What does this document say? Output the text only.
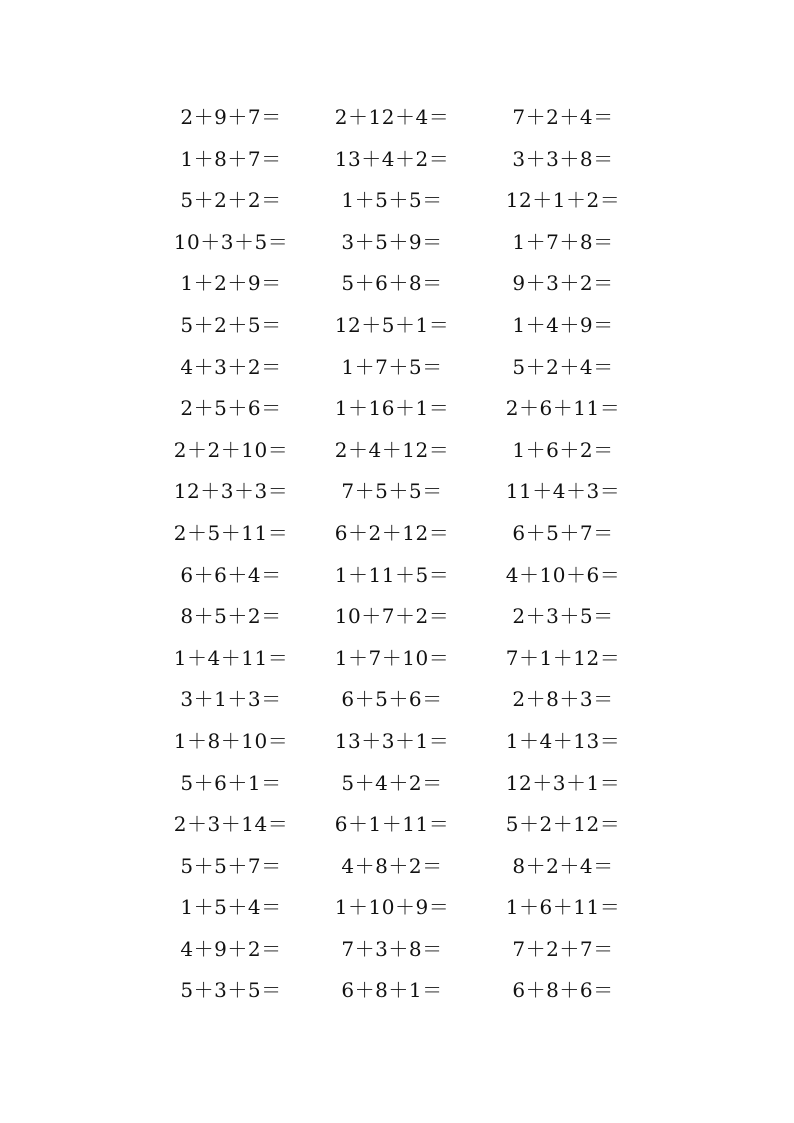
2＋9＋7＝	2＋12＋4＝	7＋2＋4＝
1＋8＋7＝	13＋4＋2＝	3＋3＋8＝
5＋2＋2＝	1＋5＋5＝	12＋1＋2＝
10＋3＋5＝	3＋5＋9＝	1＋7＋8＝
1＋2＋9＝	5＋6＋8＝	9＋3＋2＝
5＋2＋5＝	12＋5＋1＝	1＋4＋9＝
4＋3＋2＝	1＋7＋5＝	5＋2＋4＝
2＋5＋6＝	1＋16＋1＝	2＋6＋11＝
2＋2＋10＝	2＋4＋12＝	1＋6＋2＝
12＋3＋3＝	7＋5＋5＝	11＋4＋3＝
2＋5＋11＝	6＋2＋12＝	6＋5＋7＝
6＋6＋4＝	1＋11＋5＝	4＋10＋6＝
8＋5＋2＝	10＋7＋2＝	2＋3＋5＝
1＋4＋11＝	1＋7＋10＝	7＋1＋12＝
3＋1＋3＝	6＋5＋6＝	2＋8＋3＝
1＋8＋10＝	13＋3＋1＝	1＋4＋13＝
5＋6＋1＝	5＋4＋2＝	12＋3＋1＝
2＋3＋14＝	6＋1＋11＝	5＋2＋12＝
5＋5＋7＝	4＋8＋2＝	8＋2＋4＝
1＋5＋4＝	1＋10＋9＝	1＋6＋11＝
4＋9＋2＝	7＋3＋8＝	7＋2＋7＝
5＋3＋5＝	6＋8＋1＝	6＋8＋6＝
